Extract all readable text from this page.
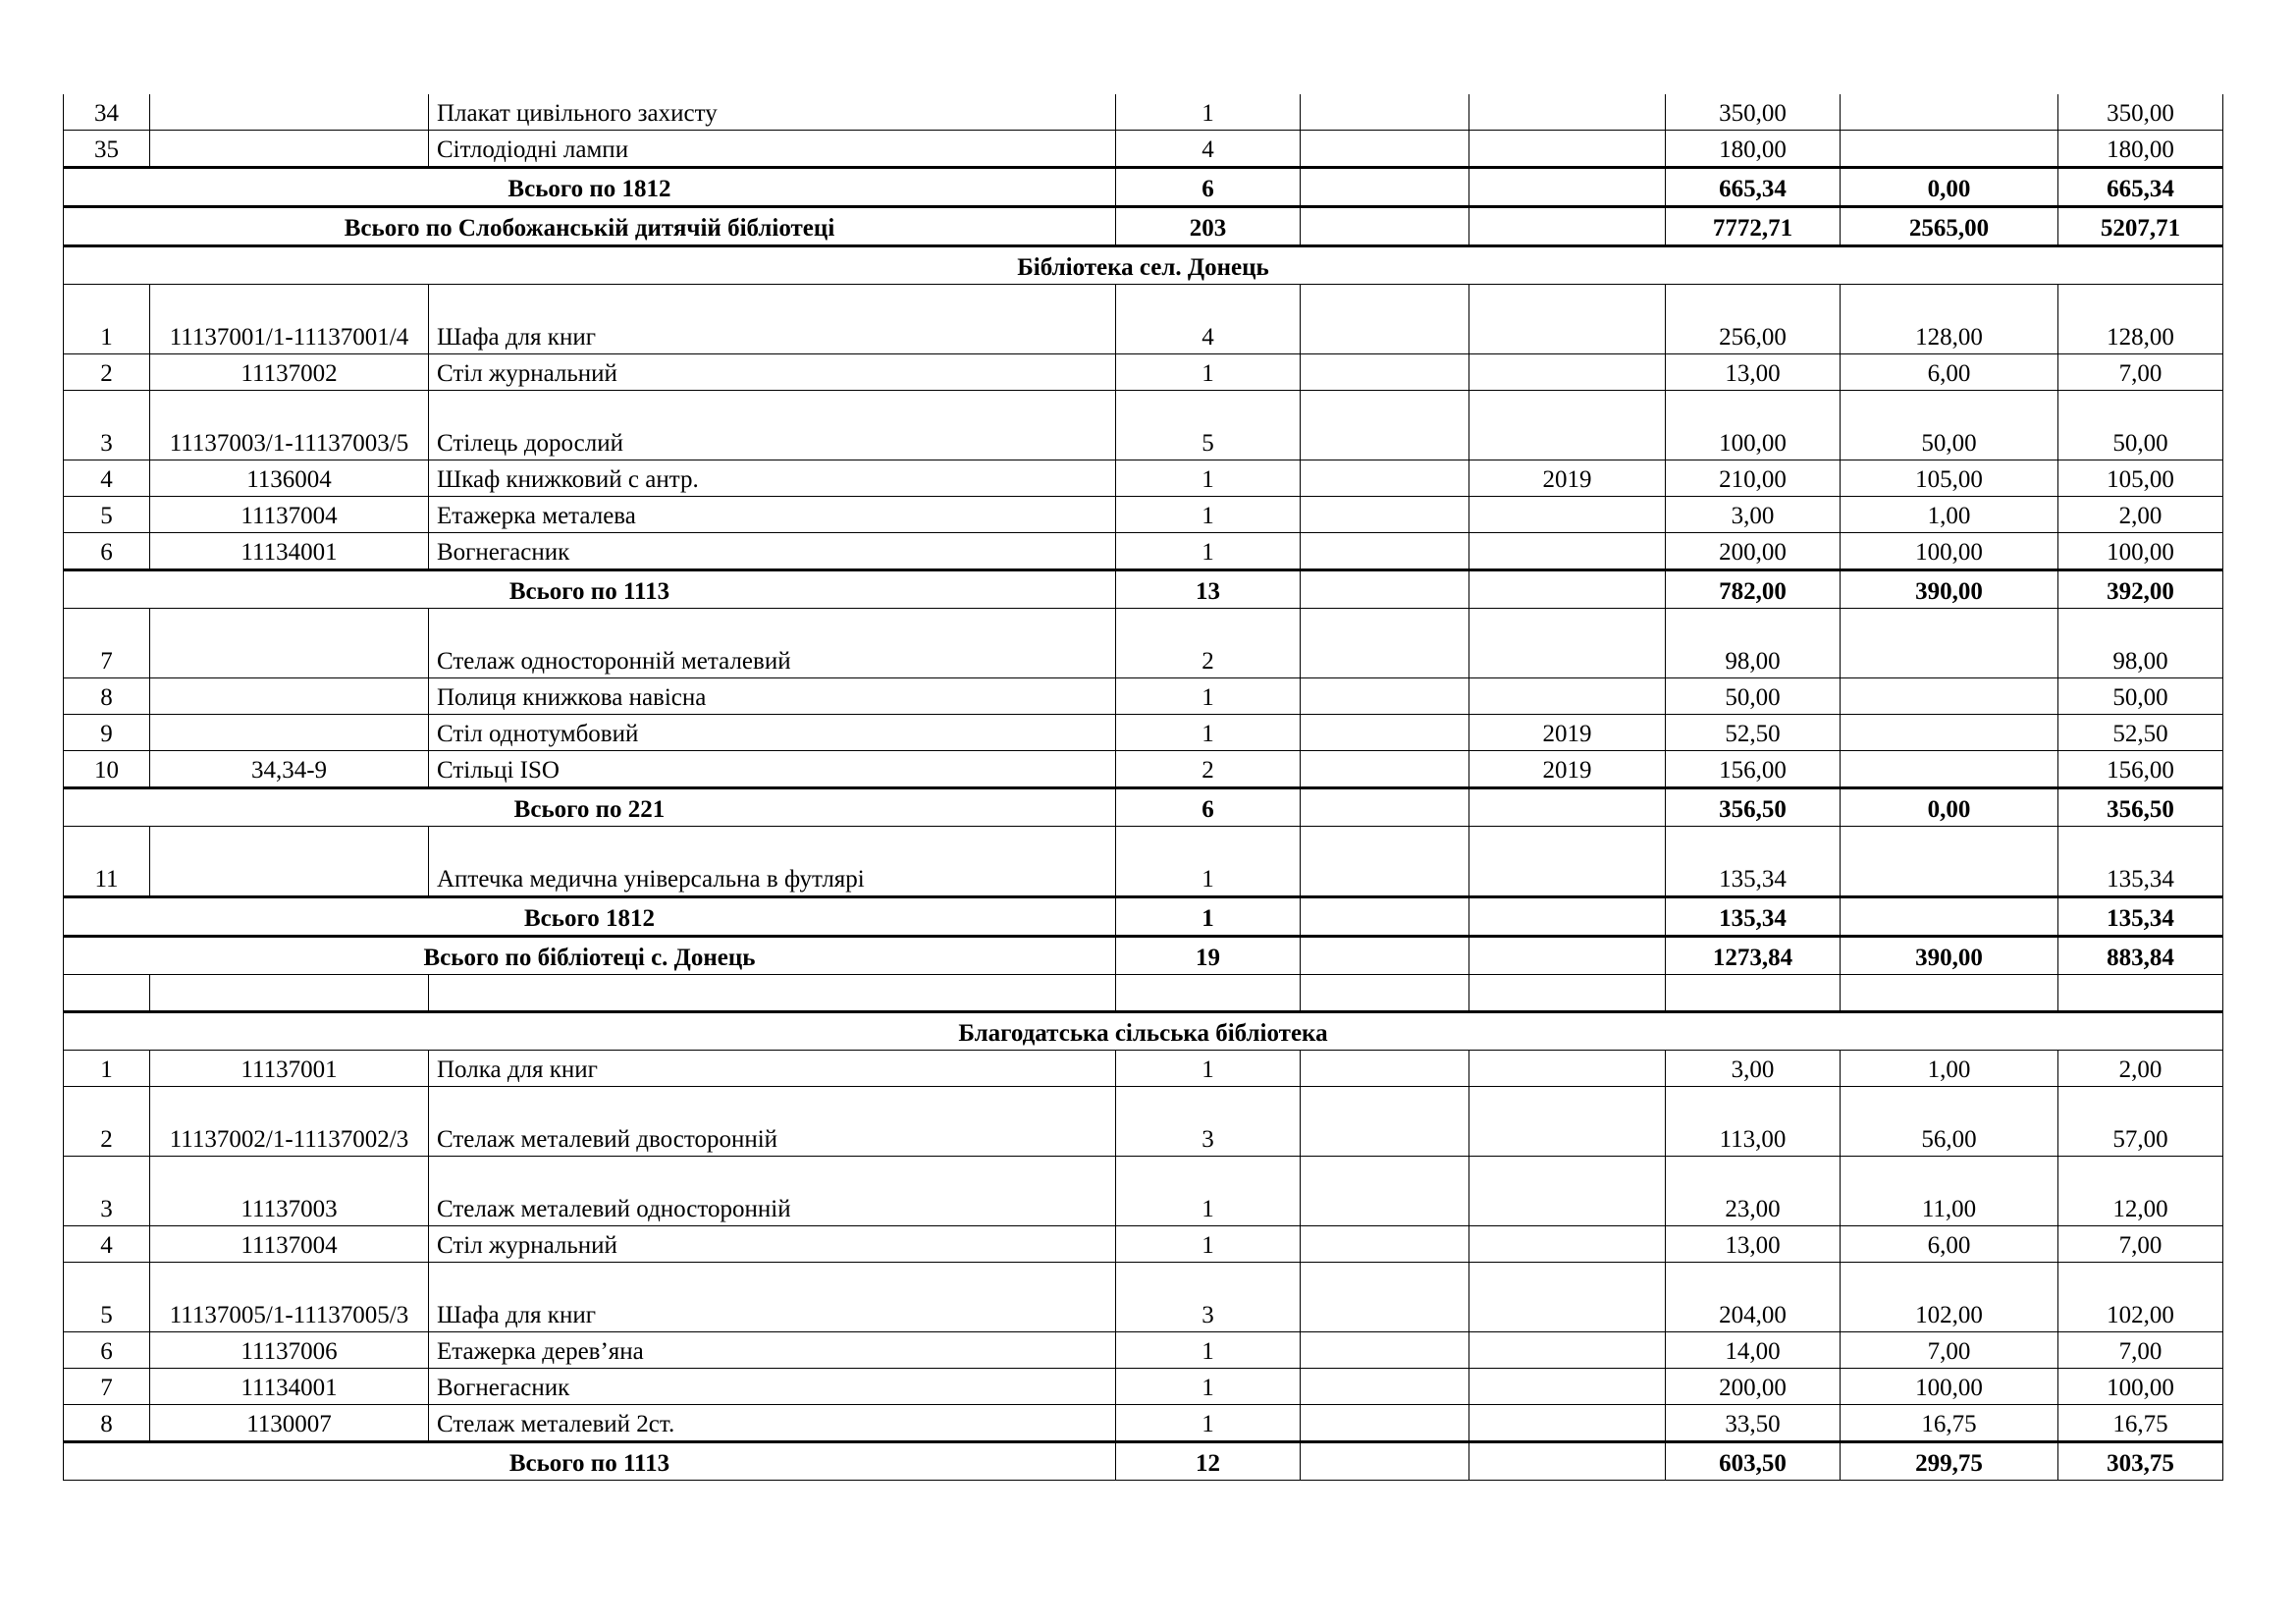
34		Плакат цивільного захисту	1			350,00		350,00
35		Сітлодіодні лампи	4			180,00		180,00
Всього по 1812			6			665,34	0,00	665,34
Всього по Слобожанській дитячій бібліотеці			203			7772,71	2565,00	5207,71
Бібліотека сел. Донець								
1	11137001/1-11137001/4	Шафа для книг	4			256,00	128,00	128,00
2	11137002	Стіл журнальний	1			13,00	6,00	7,00
3	11137003/1-11137003/5	Стілець дорослий	5			100,00	50,00	50,00
4	1136004	Шкаф книжковий с антр.	1		2019	210,00	105,00	105,00
5	11137004	Етажерка металева	1			3,00	1,00	2,00
6	11134001	Вогнегасник	1			200,00	100,00	100,00
Всього по 1113			13			782,00	390,00	392,00
7		Стелаж односторонній металевий	2			98,00		98,00
8		Полиця книжкова навісна	1			50,00		50,00
9		Стіл однотумбовий	1		2019	52,50		52,50
10	34,34-9	Стільці ISO	2		2019	156,00		156,00
Всього по 221			6			356,50	0,00	356,50
11		Аптечка медична універсальна в футлярі	1			135,34		135,34
Всього 1812			1			135,34		135,34
Всього по бібліотеці с. Донець			19			1273,84	390,00	883,84

Благодатська сільська бібліотека								
1	11137001	Полка для книг	1			3,00	1,00	2,00
2	11137002/1-11137002/3	Стелаж металевий двосторонній	3			113,00	56,00	57,00
3	11137003	Стелаж металевий односторонній	1			23,00	11,00	12,00
4	11137004	Стіл журнальний	1			13,00	6,00	7,00
5	11137005/1-11137005/3	Шафа для книг	3			204,00	102,00	102,00
6	11137006	Етажерка дерев’яна	1			14,00	7,00	7,00
7	11134001	Вогнегасник	1			200,00	100,00	100,00
8	1130007	Стелаж металевий 2ст.	1			33,50	16,75	16,75
Всього по 1113			12			603,50	299,75	303,75
